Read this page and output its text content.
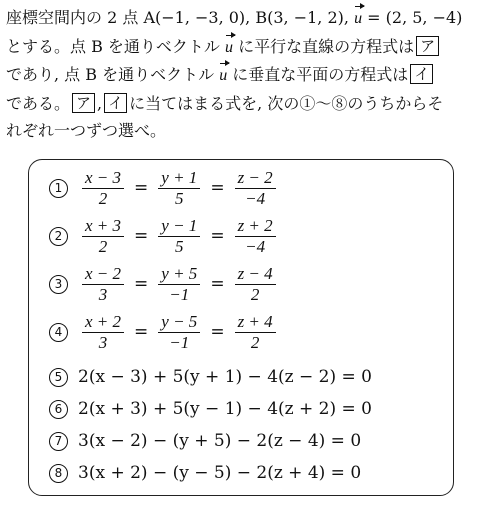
座標空間内の 2 点 A(−1, −3, 0), B(3, −1, 2), u = (2, 5, −4)
とする。点 B を通りベクトル u に平行な直線の方程式は ア
であり, 点 B を通りベクトル u に垂直な平面の方程式は イ
である。 ア , イ に当てはまる式を, 次の①〜⑧のうちからそ
れぞれ一つずつ選べ。
1	$\frac{x - 3}{2} = \frac{y + 1}{5} = \frac{z - 2}{-4}$
2	$\frac{x + 3}{2} = \frac{y - 1}{5} = \frac{z + 2}{-4}$
3	$\frac{x - 2}{3} = \frac{y + 5}{-1} = \frac{z - 4}{2}$
4	$\frac{x + 2}{3} = \frac{y - 5}{-1} = \frac{z + 4}{2}$
5 2(x − 3) + 5(y + 1) − 4(z − 2) = 0
6 2(x + 3) + 5(y − 1) − 4(z + 2) = 0
7 3(x − 2) − (y + 5) − 2(z − 4) = 0
8 3(x + 2) − (y − 5) − 2(z + 4) = 0
